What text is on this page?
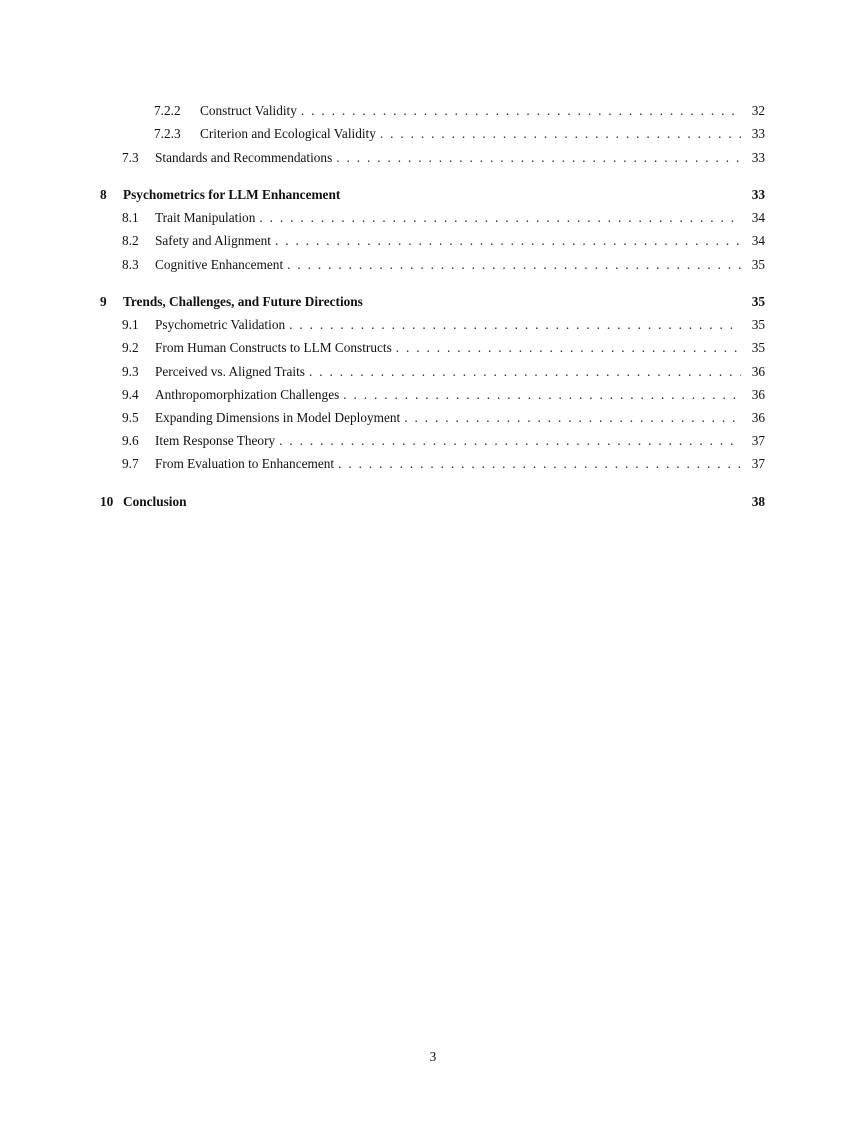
7.2.2	Construct Validity . . .	32
7.2.3	Criterion and Ecological Validity . . .	33
7.3	Standards and Recommendations . . .	33
8	Psychometrics for LLM Enhancement	33
8.1	Trait Manipulation . . .	34
8.2	Safety and Alignment . . .	34
8.3	Cognitive Enhancement . . .	35
9	Trends, Challenges, and Future Directions	35
9.1	Psychometric Validation . . .	35
9.2	From Human Constructs to LLM Constructs . . .	35
9.3	Perceived vs. Aligned Traits . . .	36
9.4	Anthropomorphization Challenges . . .	36
9.5	Expanding Dimensions in Model Deployment . . .	36
9.6	Item Response Theory . . .	37
9.7	From Evaluation to Enhancement . . .	37
10 Conclusion	38
3
